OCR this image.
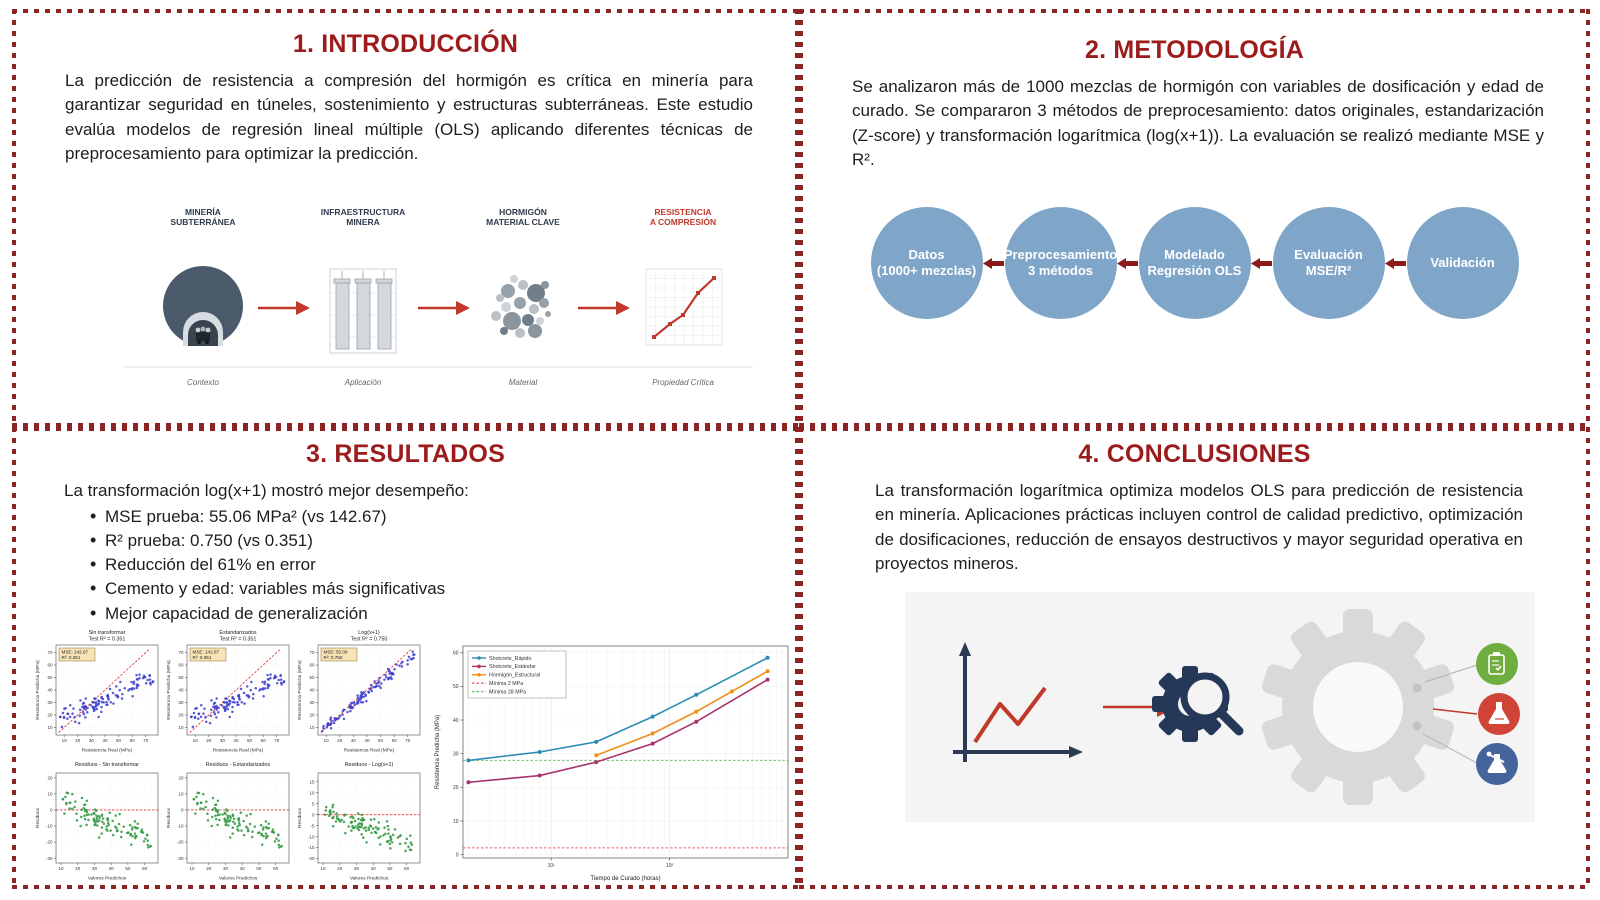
1. INTRODUCCIÓN

La predicción de resistencia a compresión del hormigón es crítica en minería para garantizar seguridad en túneles, sostenimiento y estructuras subterráneas. Este estudio evalúa modelos de regresión lineal múltiple (OLS) aplicando diferentes técnicas de preprocesamiento para optimizar la predicción.

MINERÍA
SUBTERRÁNEA
INFRAESTRUCTURA
MINERA
HORMIGÓN
MATERIAL CLAVE
RESISTENCIA
A COMPRESIÓN
Contexto	Aplicación	Material	Propiedad Crítica
2. METODOLOGÍA

Se analizaron más de 1000 mezclas de hormigón con variables de dosificación y edad de curado. Se compararon 3 métodos de preprocesamiento: datos originales, estandarización (Z-score) y transformación logarítmica (log(x+1)). La evaluación se realizó mediante MSE y R².

Datos
(1000+ mezclas)
Preprocesamiento
3 métodos
Modelado
Regresión OLS
Evaluación
MSE/R²
Validación
3. RESULTADOS

La transformación log(x+1) mostró mejor desempeño:

• MSE prueba: 55.06 MPa² (vs 142.67)
• R² prueba: 0.750 (vs 0.351)
• Reducción del 61% en error
• Cemento y edad: variables más significativas
• Mejor capacidad de generalización
MSE: 142.67
R²: 0.351
Sin transformar
Test R² = 0.351
10 20 30 40 50 60 70
10
20
30
40
50
60
70
Resistencia Real (MPa)
Resistencia Predicha (MPa)
MSE: 142.67
R²: 0.351
Estandarizados
Test R² = 0.351
10 20 30 40 50 60 70
10
20
30
40
50
60
70
Resistencia Real (MPa)
Resistencia Predicha (MPa)
MSE: 55.06
R²: 0.750
Log(x+1)
Test R² = 0.750
10 20 30 40 50 60 70
10
20
30
40
50
60
70
Resistencia Real (MPa)
Resistencia Predicha (MPa)
Residuos - Sin transformar
10	20	30	40	50	60
-30
-20
-10
0
10
20
Valores Predichos
Residuos
Residuos - Estandarizados
10	20	30	40	50	60
-30
-20
-10
0
10
20
Valores Predichos
Residuos
Residuos - Log(x+1)
10	20	30	40	50	60
-20
-15
-10
-5
0
5
10
15
Valores Predichos
Residuos
0
10
20
30
40
50
60
10¹	10²
Tiempo de Curado (horas)
Resistencia Predicha (MPa)
Shotcrete_Rápido
Shotcrete_Estándar
Hormigón_Estructural
Mínima 2 MPa
Mínima 28 MPa
4. CONCLUSIONES

La transformación logarítmica optimiza modelos OLS para predicción de resistencia en minería. Aplicaciones prácticas incluyen control de calidad predictivo, optimización de dosificaciones, reducción de ensayos destructivos y mayor seguridad operativa en proyectos mineros.
